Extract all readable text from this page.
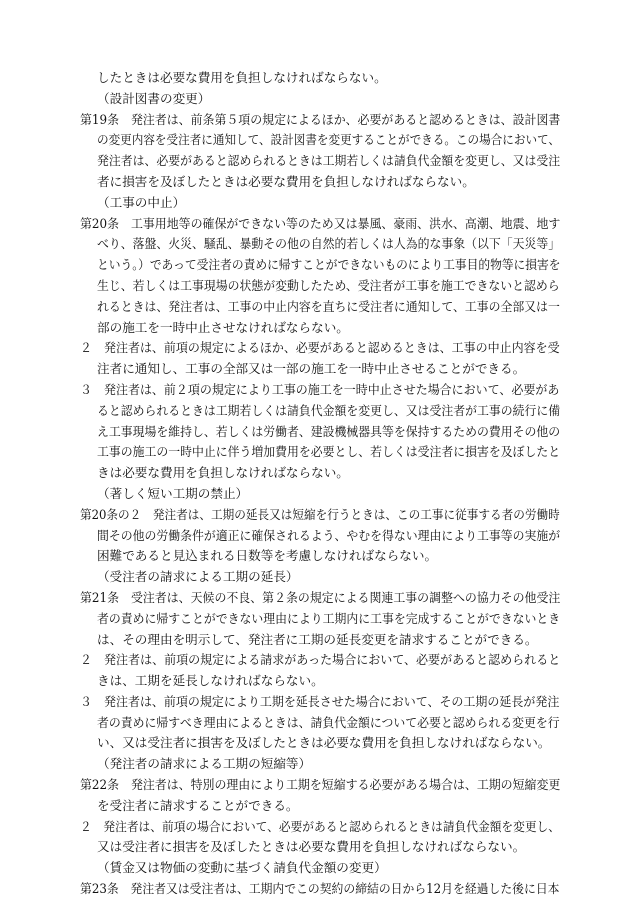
したときは必要な費用を負担しなければならない。
（設計図書の変更）
第19条　発注者は、前条第５項の規定によるほか、必要があると認めるときは、設計図書
の変更内容を受注者に通知して、設計図書を変更することができる。この場合において、
発注者は、必要があると認められるときは工期若しくは請負代金額を変更し、又は受注
者に損害を及ぼしたときは必要な費用を負担しなければならない。
（工事の中止）
第20条　工事用地等の確保ができない等のため又は暴風、豪雨、洪水、高潮、地震、地す
べり、落盤、火災、騒乱、暴動その他の自然的若しくは人為的な事象（以下「天災等」
という。）であって受注者の責めに帰すことができないものにより工事目的物等に損害を
生じ、若しくは工事現場の状態が変動したため、受注者が工事を施工できないと認めら
れるときは、発注者は、工事の中止内容を直ちに受注者に通知して、工事の全部又は一
部の施工を一時中止させなければならない。
２　発注者は、前項の規定によるほか、必要があると認めるときは、工事の中止内容を受
注者に通知し、工事の全部又は一部の施工を一時中止させることができる。
３　発注者は、前２項の規定により工事の施工を一時中止させた場合において、必要があ
ると認められるときは工期若しくは請負代金額を変更し、又は受注者が工事の続行に備
え工事現場を維持し、若しくは労働者、建設機械器具等を保持するための費用その他の
工事の施工の一時中止に伴う増加費用を必要とし、若しくは受注者に損害を及ぼしたと
きは必要な費用を負担しなければならない。
（著しく短い工期の禁止）
第20条の２　発注者は、工期の延長又は短縮を行うときは、この工事に従事する者の労働時
間その他の労働条件が適正に確保されるよう、やむを得ない理由により工事等の実施が
困難であると見込まれる日数等を考慮しなければならない。
（受注者の請求による工期の延長）
第21条　受注者は、天候の不良、第２条の規定による関連工事の調整への協力その他受注
者の責めに帰すことができない理由により工期内に工事を完成することができないとき
は、その理由を明示して、発注者に工期の延長変更を請求することができる。
２　発注者は、前項の規定による請求があった場合において、必要があると認められると
きは、工期を延長しなければならない。
３　発注者は、前項の規定により工期を延長させた場合において、その工期の延長が発注
者の責めに帰すべき理由によるときは、請負代金額について必要と認められる変更を行
い、又は受注者に損害を及ぼしたときは必要な費用を負担しなければならない。
（発注者の請求による工期の短縮等）
第22条　発注者は、特別の理由により工期を短縮する必要がある場合は、工期の短縮変更
を受注者に請求することができる。
２　発注者は、前項の場合において、必要があると認められるときは請負代金額を変更し、
又は受注者に損害を及ぼしたときは必要な費用を負担しなければならない。
（賃金又は物価の変動に基づく請負代金額の変更）
第23条　発注者又は受注者は、工期内でこの契約の締結の日から12月を経過した後に日本
